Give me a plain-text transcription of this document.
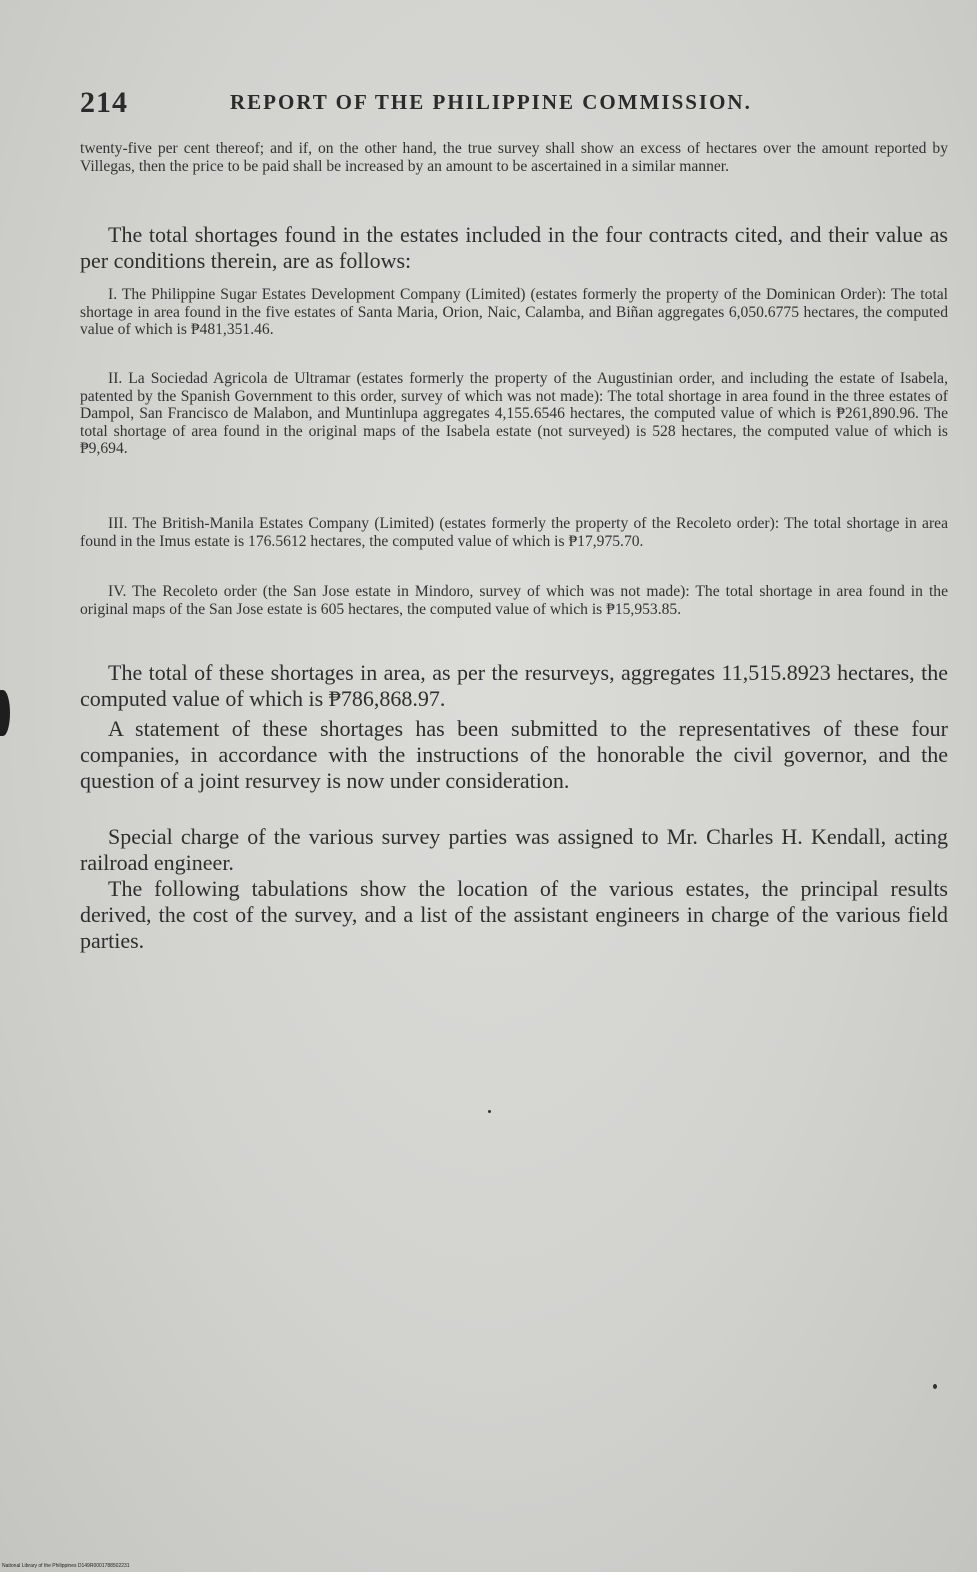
214	REPORT OF THE PHILIPPINE COMMISSION.
twenty-five per cent thereof; and if, on the other hand, the true survey shall show an excess of hectares over the amount reported by Villegas, then the price to be paid shall be increased by an amount to be ascertained in a similar manner.
The total shortages found in the estates included in the four contracts cited, and their value as per conditions therein, are as follows:
I. The Philippine Sugar Estates Development Company (Limited) (estates formerly the property of the Dominican Order): The total shortage in area found in the five estates of Santa Maria, Orion, Naic, Calamba, and Biñan aggregates 6,050.6775 hectares, the computed value of which is ₱481,351.46.
II. La Sociedad Agricola de Ultramar (estates formerly the property of the Augustinian order, and including the estate of Isabela, patented by the Spanish Government to this order, survey of which was not made): The total shortage in area found in the three estates of Dampol, San Francisco de Malabon, and Muntinlupa aggregates 4,155.6546 hectares, the computed value of which is ₱261,890.96. The total shortage of area found in the original maps of the Isabela estate (not surveyed) is 528 hectares, the computed value of which is ₱9,694.
III. The British-Manila Estates Company (Limited) (estates formerly the property of the Recoleto order): The total shortage in area found in the Imus estate is 176.5612 hectares, the computed value of which is ₱17,975.70.
IV. The Recoleto order (the San Jose estate in Mindoro, survey of which was not made): The total shortage in area found in the original maps of the San Jose estate is 605 hectares, the computed value of which is ₱15,953.85.
The total of these shortages in area, as per the resurveys, aggregates 11,515.8923 hectares, the computed value of which is ₱786,868.97.
A statement of these shortages has been submitted to the representatives of these four companies, in accordance with the instructions of the honorable the civil governor, and the question of a joint resurvey is now under consideration.
Special charge of the various survey parties was assigned to Mr. Charles H. Kendall, acting railroad engineer.
The following tabulations show the location of the various estates, the principal results derived, the cost of the survey, and a list of the assistant engineers in charge of the various field parties.
National Library of the Philippines D149R0001788502231
